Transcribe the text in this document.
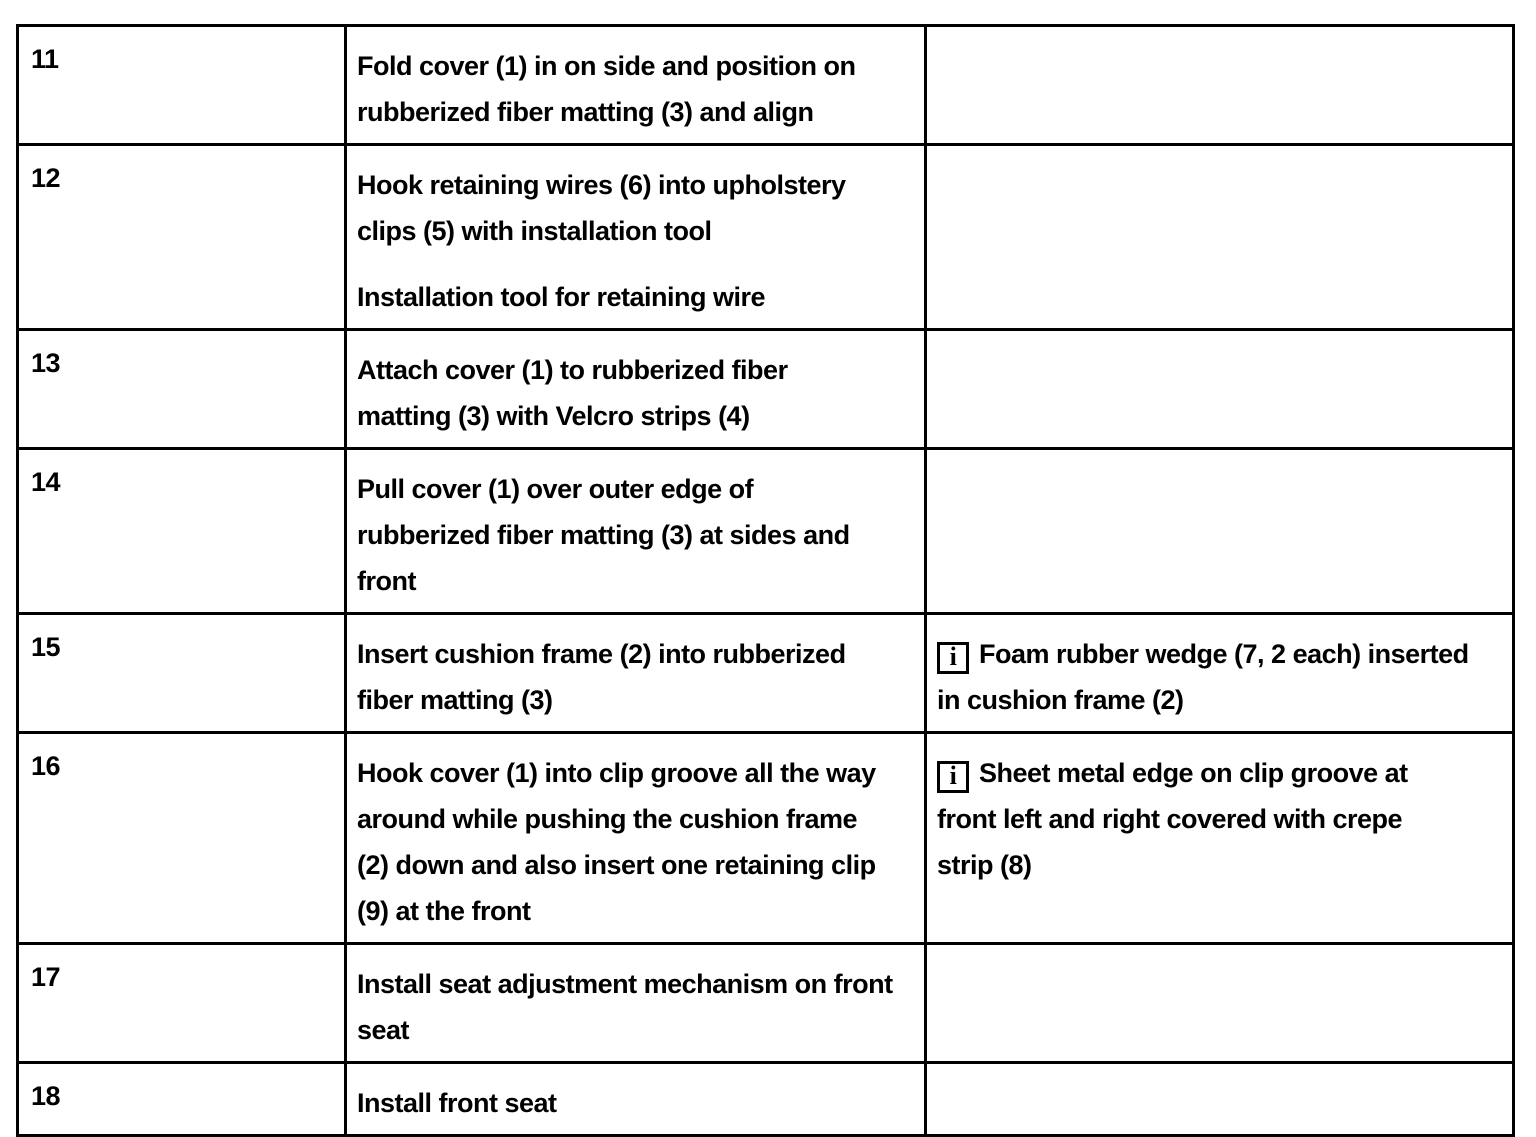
11	Fold cover (1) in on side and position on
rubberized fiber matting (3) and align	

12	Hook retaining wires (6) into upholstery
clips (5) with installation tool
Installation tool for retaining wire	

13	Attach cover (1) to rubberized fiber
matting (3) with Velcro strips (4)	

14	Pull cover (1) over outer edge of
rubberized fiber matting (3) at sides and
front	

15	Insert cushion frame (2) into rubberized
fiber matting (3)	i Foam rubber wedge (7, 2 each) inserted
in cushion frame (2)

16	Hook cover (1) into clip groove all the way
around while pushing the cushion frame
(2) down and also insert one retaining clip
(9) at the front	i Sheet metal edge on clip groove at
front left and right covered with crepe
strip (8)

17	Install seat adjustment mechanism on front
seat	

18	Install front seat	
